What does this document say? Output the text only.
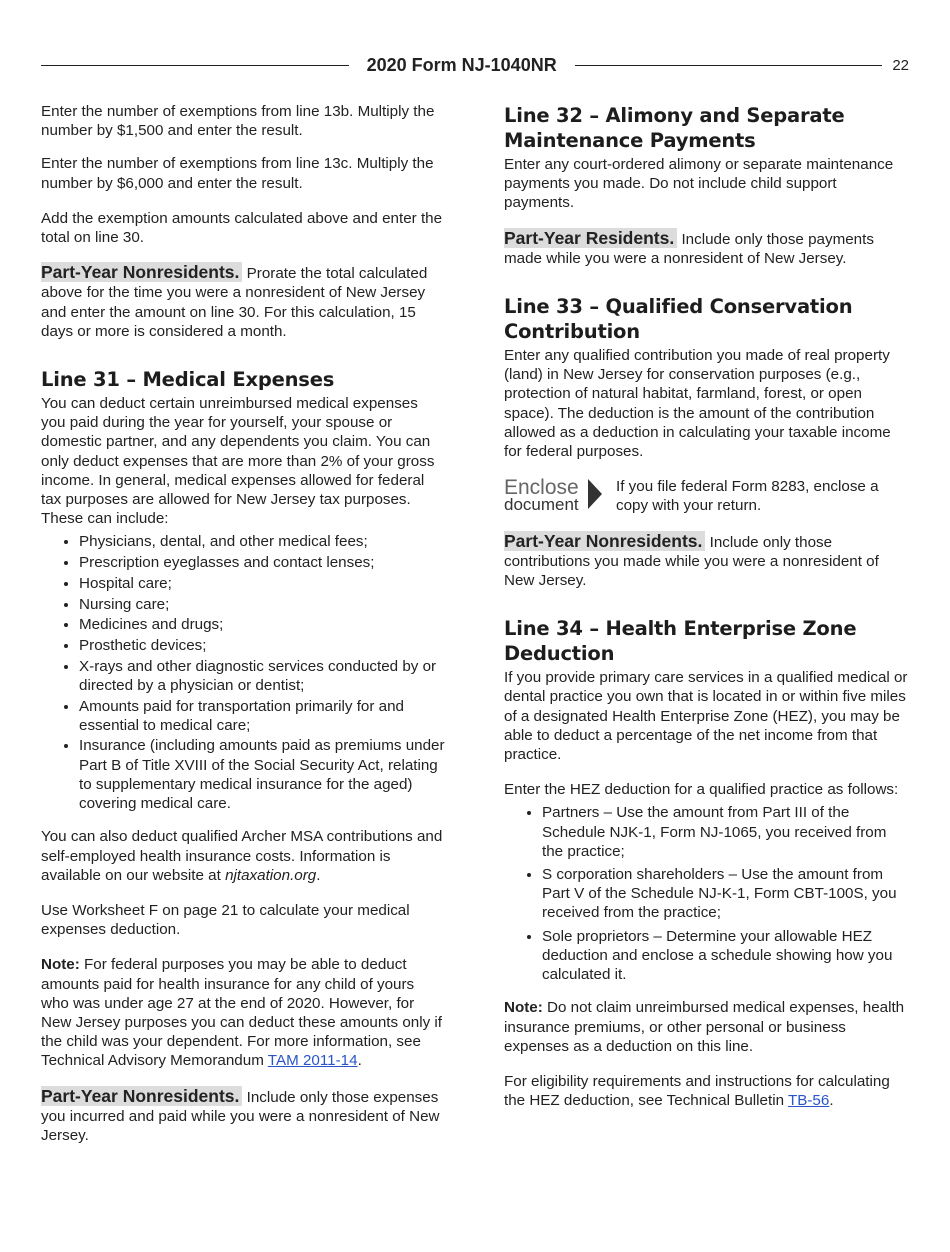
2020 Form NJ-1040NR	22

Enter the number of exemptions from line 13b. Multiply the number by $1,500 and enter the result.

Enter the number of exemptions from line 13c. Multiply the number by $6,000 and enter the result.

Add the exemption amounts calculated above and enter the total on line 30.

Part-Year Nonresidents. Prorate the total calculated above for the time you were a nonresident of New Jersey and enter the amount on line 30. For this calculation, 15 days or more is considered a month.

Line 31 – Medical Expenses

You can deduct certain unreimbursed medical expenses you paid during the year for yourself, your spouse or domestic partner, and any dependents you claim. You can only deduct expenses that are more than 2% of your gross income. In general, medical expenses allowed for federal tax purposes are allowed for New Jersey tax purposes. These can include:

• Physicians, dental, and other medical fees;
• Prescription eyeglasses and contact lenses;
• Hospital care;
• Nursing care;
• Medicines and drugs;
• Prosthetic devices;
• X-rays and other diagnostic services conducted by or directed by a physician or dentist;
• Amounts paid for transportation primarily for and essential to medical care;
• Insurance (including amounts paid as premiums under Part B of Title XVIII of the Social Security Act, relating to supplementary medical insurance for the aged) covering medical care.

You can also deduct qualified Archer MSA contributions and self-employed health insurance costs. Information is available on our website at njtaxation.org.

Use Worksheet F on page 21 to calculate your medical expenses deduction.

Note: For federal purposes you may be able to deduct amounts paid for health insurance for any child of yours who was under age 27 at the end of 2020. However, for New Jersey purposes you can deduct these amounts only if the child was your dependent. For more information, see Technical Advisory Memorandum TAM 2011-14.

Part-Year Nonresidents. Include only those expenses you incurred and paid while you were a nonresident of New Jersey.

Line 32 – Alimony and Separate Maintenance Payments

Enter any court-ordered alimony or separate maintenance payments you made. Do not include child support payments.

Part-Year Residents. Include only those payments made while you were a nonresident of New Jersey.

Line 33 – Qualified Conservation Contribution

Enter any qualified contribution you made of real property (land) in New Jersey for conservation purposes (e.g., protection of natural habitat, farmland, forest, or open space). The deduction is the amount of the contribution allowed as a deduction in calculating your taxable income for federal purposes.

Enclose
document
If you file federal Form 8283, enclose a copy with your return.

Part-Year Nonresidents. Include only those contributions you made while you were a nonresident of New Jersey.

Line 34 – Health Enterprise Zone Deduction

If you provide primary care services in a qualified medical or dental practice you own that is located in or within five miles of a designated Health Enterprise Zone (HEZ), you may be able to deduct a percentage of the net income from that practice.

Enter the HEZ deduction for a qualified practice as follows:

• Partners – Use the amount from Part III of the Schedule NJK-1, Form NJ-1065, you received from the practice;
• S corporation shareholders – Use the amount from Part V of the Schedule NJ-K-1, Form CBT-100S, you received from the practice;
• Sole proprietors – Determine your allowable HEZ deduction and enclose a schedule showing how you calculated it.

Note: Do not claim unreimbursed medical expenses, health insurance premiums, or other personal or business expenses as a deduction on this line.

For eligibility requirements and instructions for calculating the HEZ deduction, see Technical Bulletin TB-56.
